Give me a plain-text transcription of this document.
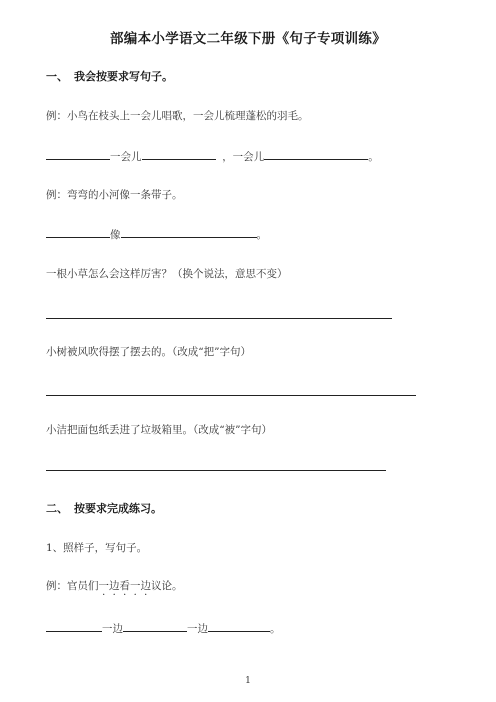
部编本小学语文二年级下册《句子专项训练》
一、 我会按要求写句子。
例：小鸟在枝头上一会儿唱歌，一会儿梳理蓬松的羽毛。
一会儿	，一会儿	。
例：弯弯的小河像一条带子。
像	。
一根小草怎么会这样厉害？（换个说法，意思不变）
小树被风吹得摆了摆去的。（改成“把”字句）
小洁把面包纸丢进了垃圾箱里。（改成“被”字句）
二、 按要求完成练习。
1、照样子，写句子。
例：官员们一边看一边议论。
一边	一边	。
1
